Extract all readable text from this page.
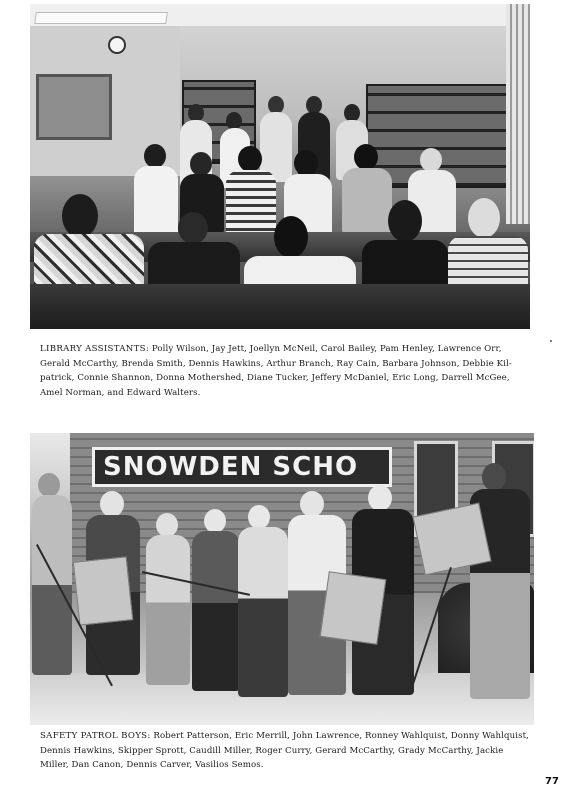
LIBRARY ASSISTANTS: Polly Wilson, Jay Jett, Joellyn McNeil, Carol Bailey, Pam Henley, Lawrence Orr,
Gerald McCarthy, Brenda Smith, Dennis Hawkins, Arthur Branch, Ray Cain, Barbara Johnson, Debbie Kil-
patrick, Connie Shannon, Donna Mothershed, Diane Tucker, Jeffery McDaniel, Eric Long, Darrell McGee,
Amel Norman, and Edward Walters.
SNOWDEN SCHO
SAFETY PATROL BOYS: Robert Patterson, Eric Merrill, John Lawrence, Ronney Wahlquist, Donny Wahlquist,
Dennis Hawkins, Skipper Sprott, Caudill Miller, Roger Curry, Gerard McCarthy, Grady McCarthy, Jackie
Miller, Dan Canon, Dennis Carver, Vasilios Semos.
77
